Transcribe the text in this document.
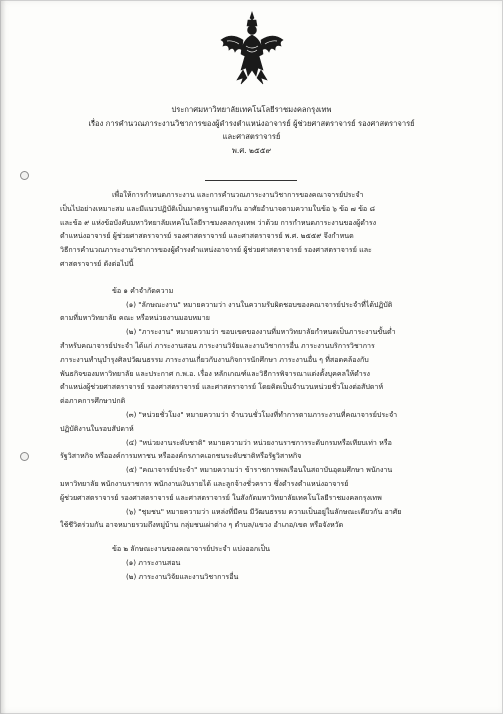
ประกาศมหาวิทยาลัยเทคโนโลยีราชมงคลกรุงเทพ
เรื่อง การคำนวณภาระงานวิชาการของผู้ดำรงตำแหน่งอาจารย์ ผู้ช่วยศาสตราจารย์ รองศาสตราจารย์
และศาสตราจารย์
พ.ศ. ๒๕๕๙
เพื่อให้การกำหนดภาระงาน และการคำนวณภาระงานวิชาการของคณาจารย์ประจำ
เป็นไปอย่างเหมาะสม และมีแนวปฏิบัติเป็นมาตรฐานเดียวกัน อาศัยอำนาจตามความในข้อ ๖ ข้อ ๗ ข้อ ๘
และข้อ ๙ แห่งข้อบังคับมหาวิทยาลัยเทคโนโลยีราชมงคลกรุงเทพ ว่าด้วย การกำหนดภาระงานของผู้ดำรง
ตำแหน่งอาจารย์ ผู้ช่วยศาสตราจารย์ รองศาสตราจารย์ และศาสตราจารย์ พ.ศ. ๒๕๕๙ จึงกำหนด
วิธีการคำนวณภาระงานวิชาการของผู้ดำรงตำแหน่งอาจารย์ ผู้ช่วยศาสตราจารย์ รองศาสตราจารย์ และ
ศาสตราจารย์ ดังต่อไปนี้
ข้อ ๑ คำจำกัดความ
(๑) "ลักษณะงาน" หมายความว่า งานในความรับผิดชอบของคณาจารย์ประจำที่ได้ปฏิบัติ
ตามที่มหาวิทยาลัย คณะ หรือหน่วยงานมอบหมาย
(๒) "ภาระงาน" หมายความว่า ขอบเขตของงานที่มหาวิทยาลัยกำหนดเป็นภาระงานขั้นต่ำ
สำหรับคณาจารย์ประจำ ได้แก่ ภาระงานสอน ภาระงานวิจัยและงานวิชาการอื่น ภาระงานบริการวิชาการ
ภาระงานทำนุบำรุงศิลปวัฒนธรรม ภาระงานเกี่ยวกับงานกิจการนักศึกษา ภาระงานอื่น ๆ ที่สอดคล้องกับ
พันธกิจของมหาวิทยาลัย และประกาศ ก.พ.อ. เรื่อง หลักเกณฑ์และวิธีการพิจารณาแต่งตั้งบุคคลให้ดำรง
ตำแหน่งผู้ช่วยศาสตราจารย์ รองศาสตราจารย์ และศาสตราจารย์ โดยคิดเป็นจำนวนหน่วยชั่วโมงต่อสัปดาห์
ต่อภาคการศึกษาปกติ
(๓) "หน่วยชั่วโมง" หมายความว่า จำนวนชั่วโมงที่ทำการตามภาระงานที่คณาจารย์ประจำ
ปฏิบัติงานในรอบสัปดาห์
(๔) "หน่วยงานระดับชาติ" หมายความว่า หน่วยงานราชการระดับกรมหรือเทียบเท่า หรือ
รัฐวิสาหกิจ หรือองค์การมหาชน หรือองค์กรภาคเอกชนระดับชาติหรือรัฐวิสาหกิจ
(๕) "คณาจารย์ประจำ" หมายความว่า ข้าราชการพลเรือนในสถาบันอุดมศึกษา พนักงาน
มหาวิทยาลัย พนักงานราชการ พนักงานเงินรายได้ และลูกจ้างชั่วคราว ซึ่งดำรงตำแหน่งอาจารย์
ผู้ช่วยศาสตราจารย์ รองศาสตราจารย์ และศาสตราจารย์ ในสังกัดมหาวิทยาลัยเทคโนโลยีราชมงคลกรุงเทพ
(๖) "ชุมชน" หมายความว่า แหล่งที่มีคน มีวัฒนธรรม ความเป็นอยู่ในลักษณะเดียวกัน อาศัย
ใช้ชีวิตร่วมกัน อาจหมายรวมถึงหมู่บ้าน กลุ่มชนเผ่าต่าง ๆ ตำบล/แขวง อำเภอ/เขต หรือจังหวัด
ข้อ ๒ ลักษณะงานของคณาจารย์ประจำ แบ่งออกเป็น
(๑) ภาระงานสอน
(๒) ภาระงานวิจัยและงานวิชาการอื่น
